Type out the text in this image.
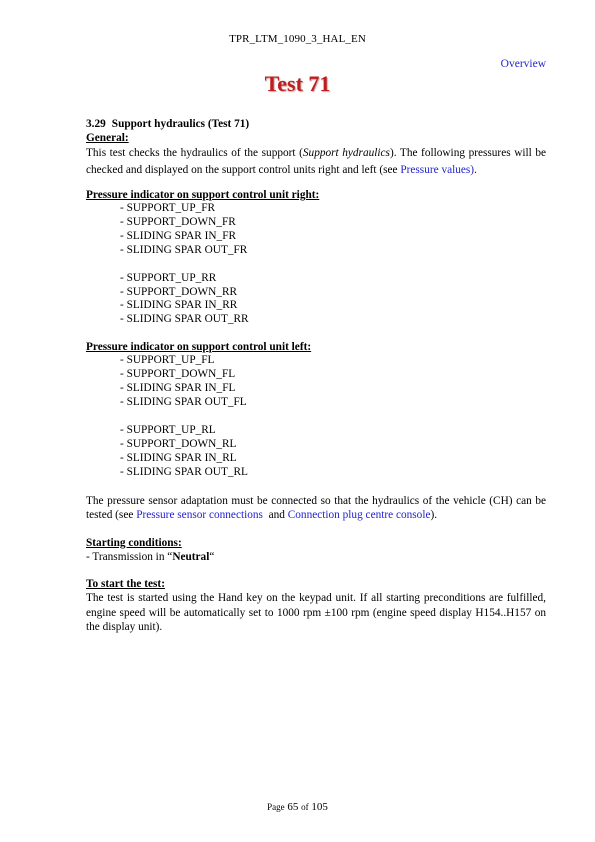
TPR_LTM_1090_3_HAL_EN
Overview
Test 71
3.29 Support hydraulics (Test 71)
General:
This test checks the hydraulics of the support (Support hydraulics). The following pressures will be checked and displayed on the support control units right and left (see Pressure values).
Pressure indicator on support control unit right:
- SUPPORT_UP_FR
- SUPPORT_DOWN_FR
- SLIDING SPAR IN_FR
- SLIDING SPAR OUT_FR
- SUPPORT_UP_RR
- SUPPORT_DOWN_RR
- SLIDING SPAR IN_RR
- SLIDING SPAR OUT_RR
Pressure indicator on support control unit left:
- SUPPORT_UP_FL
- SUPPORT_DOWN_FL
- SLIDING SPAR IN_FL
- SLIDING SPAR OUT_FL
- SUPPORT_UP_RL
- SUPPORT_DOWN_RL
- SLIDING SPAR IN_RL
- SLIDING SPAR OUT_RL
The pressure sensor adaptation must be connected so that the hydraulics of the vehicle (CH) can be tested (see Pressure sensor connections  and Connection plug centre console).
Starting conditions:
- Transmission in “Neutral“
To start the test:
The test is started using the Hand key on the keypad unit. If all starting preconditions are fulfilled, engine speed will be automatically set to 1000 rpm ±100 rpm (engine speed display H154..H157 on the display unit).
Page 65 of 105
